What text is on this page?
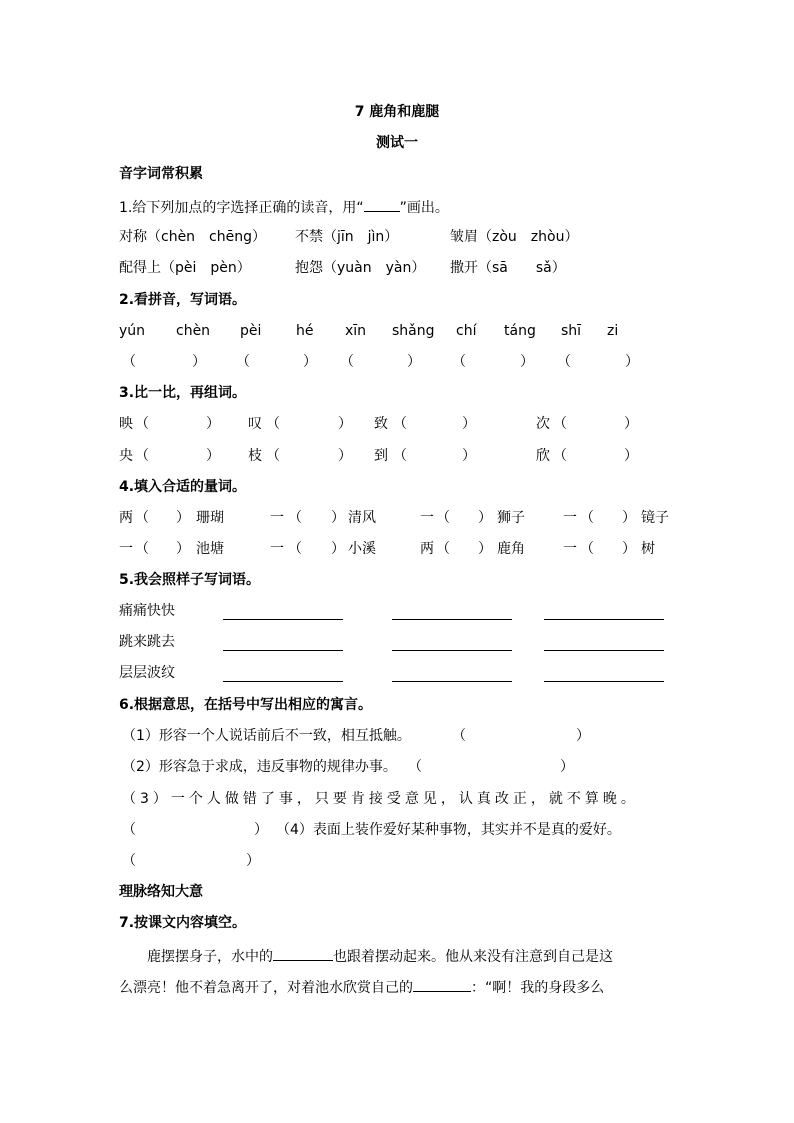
7 鹿角和鹿腿
测试一
音字词常积累
1.给下列加点的字选择正确的读音，用“	”画出。
对称（chèn　chēng） 不禁（jīn　jìn）	皱眉（zòu　zhòu）
配得上（pèi　pèn）	抱怨（yuàn　yàn） 撒开（sā　　sǎ）
2.看拼音，写词语。
yún chèn pèi hé xīn shǎng chí táng shī zi
（	） （	） （	） （	） （	）
3.比一比，再组词。
映 （	） 叹 （	） 致 （	）	次 （	）
央 （	） 枝 （	） 到 （	）	欣 （	）
4.填入合适的量词。
两 （ ） 珊瑚	一 （ ） 清风	一 （ ） 狮子	一 （ ） 镜子
一 （ ） 池塘	一 （ ） 小溪	两 （ ） 鹿角	一 （ ） 树
5.我会照样子写词语。
痛痛快快
跳来跳去
层层波纹
6.根据意思，在括号中写出相应的寓言。
（1）形容一个人说话前后不一致，相互抵触。	（	）
（2）形容急于求成，违反事物的规律办事。 （	）
（3）一个人做错了事，只要肯接受意见，认真改正，就不算晚。
（	） （4）表面上装作爱好某种事物，其实并不是真的爱好。
（	）
理脉络知大意
7.按课文内容填空。
鹿摆摆身子，水中的	也跟着摆动起来。他从来没有注意到自己是这
么漂亮！他不着急离开了，对着池水欣赏自己的	：“啊！我的身段多么
